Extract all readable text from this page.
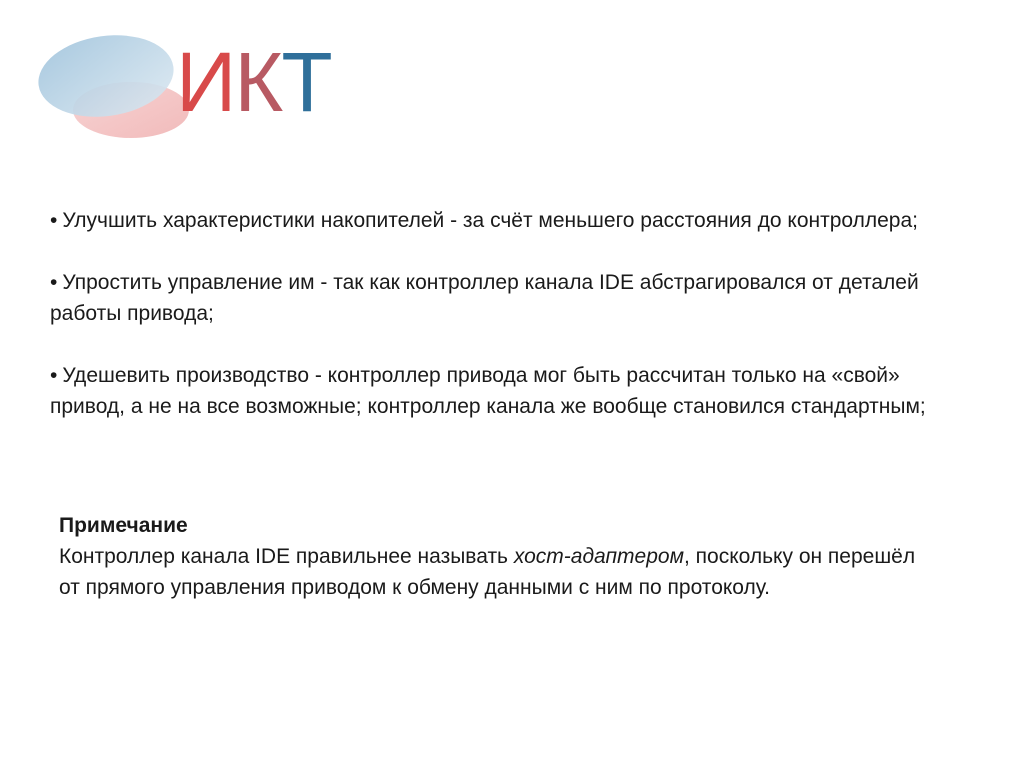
ИКТ
• Улучшить характеристики накопителей - за счёт меньшего расстояния до контроллера;
• Упростить управление им - так как контроллер канала IDE абстрагировался от деталей работы привода;
• Удешевить производство - контроллер привода мог быть рассчитан только на «свой» привод, а не на все возможные; контроллер канала же вообще становился стандартным;
Примечание
Контроллер канала IDE правильнее называть хост-адаптером, поскольку он перешёл от прямого управления приводом к обмену данными с ним по протоколу.
